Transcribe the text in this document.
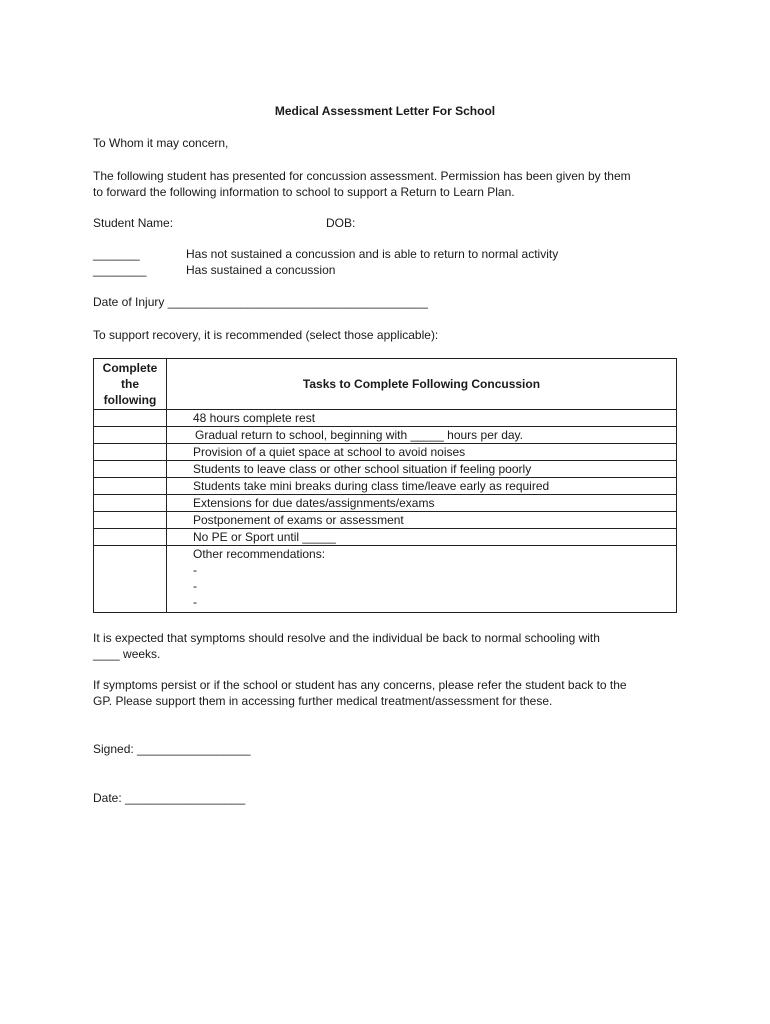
Medical Assessment Letter For School
To Whom it may concern,
The following student has presented for concussion assessment. Permission has been given by them
to forward the following information to school to support a Return to Learn Plan.
Student Name:	DOB:
_______	Has not sustained a concussion and is able to return to normal activity
________	Has sustained a concussion
Date of Injury _______________________________________
To support recovery, it is recommended (select those applicable):
Complete
the
following	Tasks to Complete Following Concussion
	48 hours complete rest
	Gradual return to school, beginning with _____ hours per day.
	Provision of a quiet space at school to avoid noises
	Students to leave class or other school situation if feeling poorly
	Students take mini breaks during class time/leave early as required
	Extensions for due dates/assignments/exams
	Postponement of exams or assessment
	No PE or Sport until _____

	Other recommendations:
-
-
-
It is expected that symptoms should resolve and the individual be back to normal schooling with
____ weeks.
If symptoms persist or if the school or student has any concerns, please refer the student back to the
GP. Please support them in accessing further medical treatment/assessment for these.
Signed: _________________
Date: __________________
